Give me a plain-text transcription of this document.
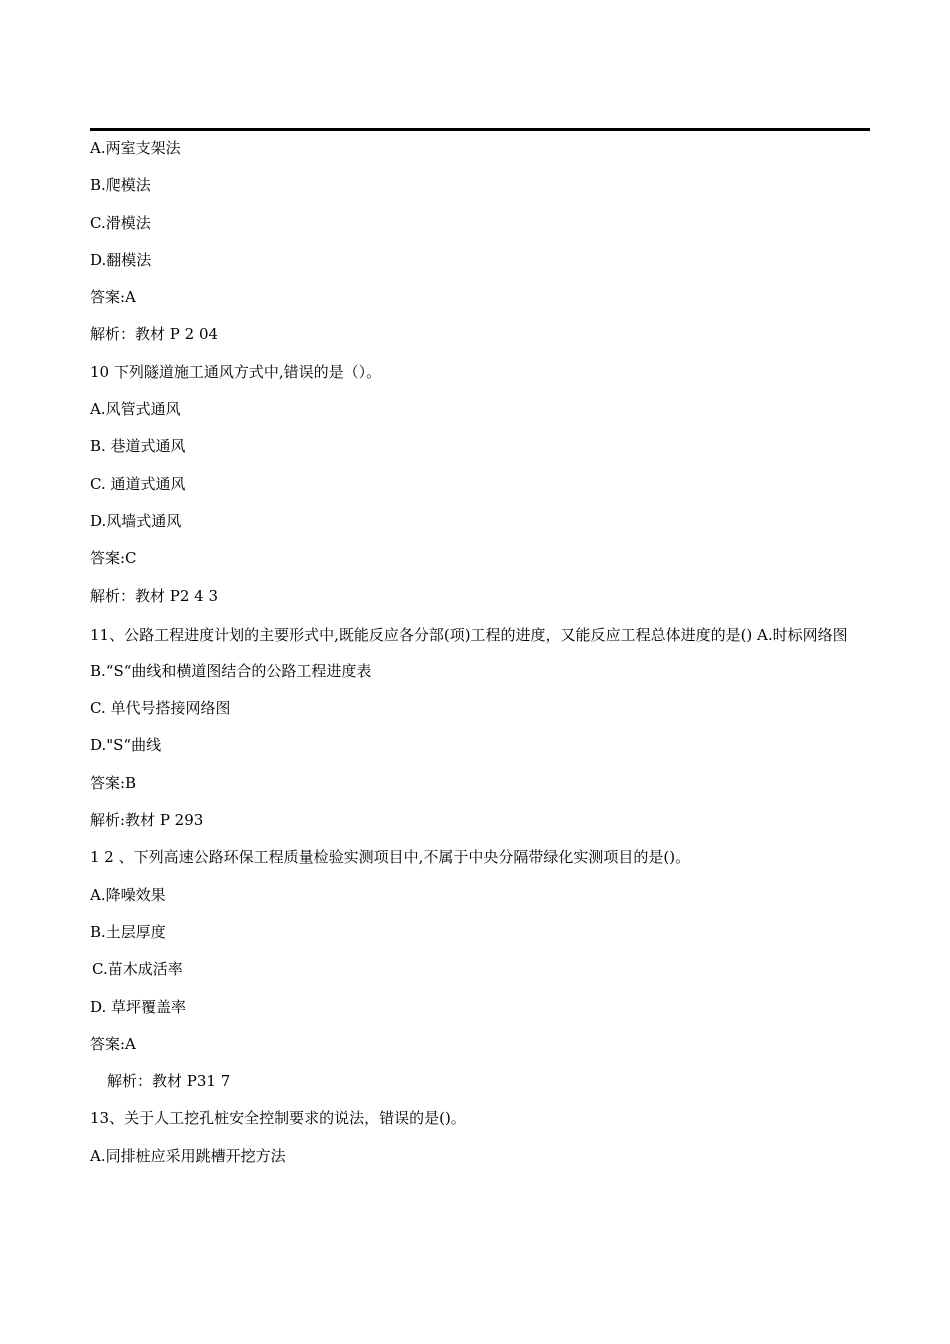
A.两室支架法
B.爬模法
C.滑模法
D.翻模法
答案:A
解析：教材 P 2 04
10 下列隧道施工通风方式中,错误的是（）。
A.风管式通风
B. 巷道式通风
C. 通道式通风
D.风墙式通风
答案:C
解析：教材 P2 4 3
11、公路工程进度计划的主要形式中,既能反应各分部(项)工程的进度，又能反应工程总体进度的是() A.时标网络图
B.“S“曲线和横道图结合的公路工程进度表
C. 单代号搭接网络图
D."S“曲线
答案:B
解析:教材 P 293
1 2 、下列高速公路环保工程质量检验实测项目中,不属于中央分隔带绿化实测项目的是()。
A.降噪效果
B.土层厚度
C.苗木成活率
D. 草坪覆盖率
答案:A
解析：教材 P31 7
13、关于人工挖孔桩安全控制要求的说法，错误的是()。
A.同排桩应采用跳槽开挖方法
